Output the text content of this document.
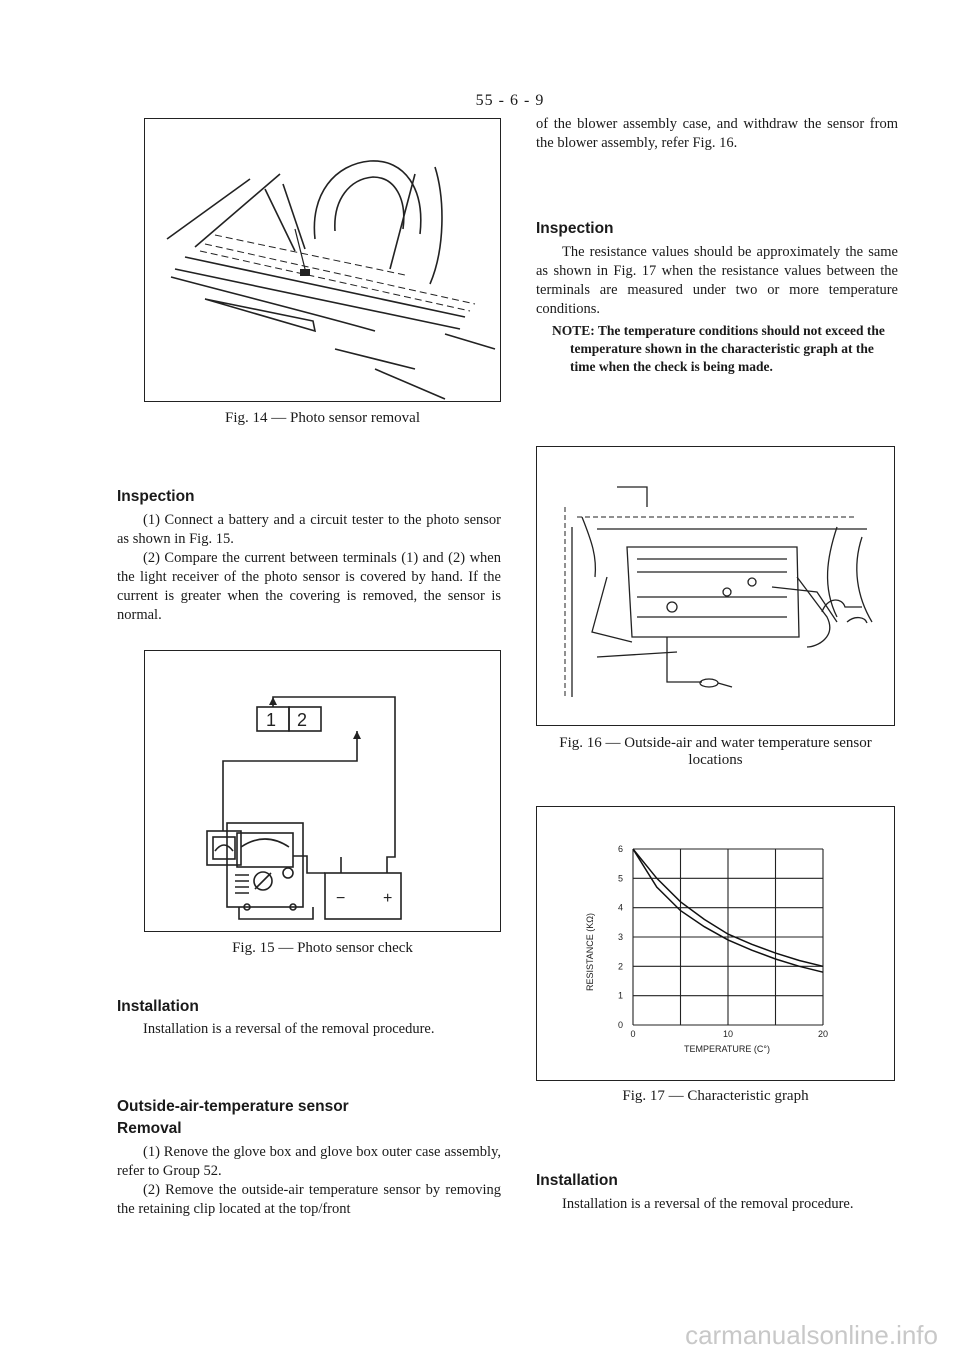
55 - 6 - 9
Fig. 14 — Photo sensor removal
Inspection

(1) Connect a battery and a circuit tester to the photo sensor as shown in Fig. 15.

(2) Compare the current between terminals (1) and (2) when the light receiver of the photo sensor is covered by hand. If the current is greater when the covering is removed, the sensor is normal.

1 2
− +
Fig. 15 — Photo sensor check
Installation

Installation is a reversal of the removal procedure.

Outside-air-temperature sensor
Removal

(1) Renove the glove box and glove box outer case assembly, refer to Group 52.

(2) Remove the outside-air temperature sensor by removing the retaining clip located at the top/front

of the blower assembly case, and withdraw the sensor from the blower assembly, refer Fig. 16.

Inspection

The resistance values should be approximately the same as shown in Fig. 17 when the resistance values between the terminals are measured under two or more temperature conditions.

NOTE: The temperature conditions should not exceed the temperature shown in the characteristic graph at the time when the check is being made.
Fig. 16 — Outside-air and water temperature sensor
locations
0
1
2
3
4
5
6
0	10	20
TEMPERATURE (C°)
RESISTANCE (KΩ)
Fig. 17 — Characteristic graph
Installation

Installation is a reversal of the removal procedure.

carmanualsonline.info
